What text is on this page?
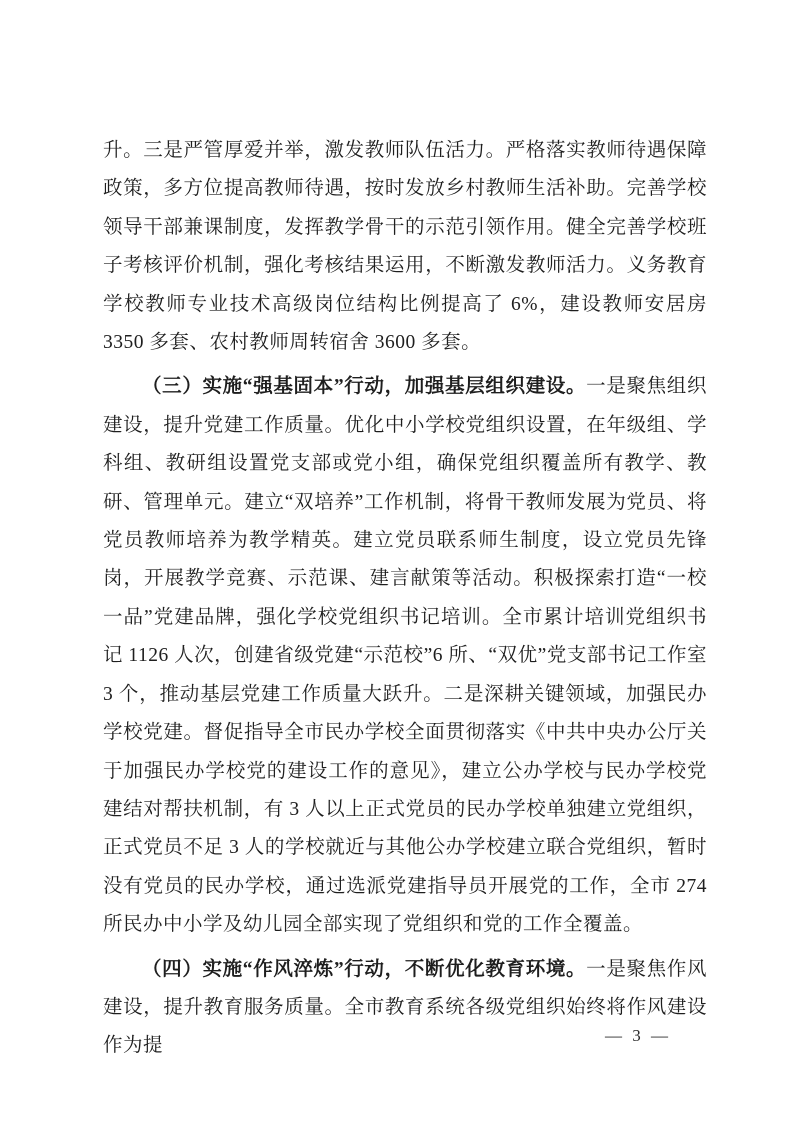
升。三是严管厚爱并举，激发教师队伍活力。严格落实教师待遇保障政策，多方位提高教师待遇，按时发放乡村教师生活补助。完善学校领导干部兼课制度，发挥教学骨干的示范引领作用。健全完善学校班子考核评价机制，强化考核结果运用，不断激发教师活力。义务教育学校教师专业技术高级岗位结构比例提高了 6%，建设教师安居房 3350 多套、农村教师周转宿舍 3600 多套。

（三）实施“强基固本”行动，加强基层组织建设。一是聚焦组织建设，提升党建工作质量。优化中小学校党组织设置，在年级组、学科组、教研组设置党支部或党小组，确保党组织覆盖所有教学、教研、管理单元。建立“双培养”工作机制，将骨干教师发展为党员、将党员教师培养为教学精英。建立党员联系师生制度，设立党员先锋岗，开展教学竞赛、示范课、建言献策等活动。积极探索打造“一校一品”党建品牌，强化学校党组织书记培训。全市累计培训党组织书记 1126 人次，创建省级党建“示范校”6 所、“双优”党支部书记工作室 3 个，推动基层党建工作质量大跃升。二是深耕关键领域，加强民办学校党建。督促指导全市民办学校全面贯彻落实《中共中央办公厅关于加强民办学校党的建设工作的意见》，建立公办学校与民办学校党建结对帮扶机制，有 3 人以上正式党员的民办学校单独建立党组织，正式党员不足 3 人的学校就近与其他公办学校建立联合党组织，暂时没有党员的民办学校，通过选派党建指导员开展党的工作，全市 274 所民办中小学及幼儿园全部实现了党组织和党的工作全覆盖。

（四）实施“作风淬炼”行动，不断优化教育环境。一是聚焦作风建设，提升教育服务质量。全市教育系统各级党组织始终将作风建设作为提	— 3 —
